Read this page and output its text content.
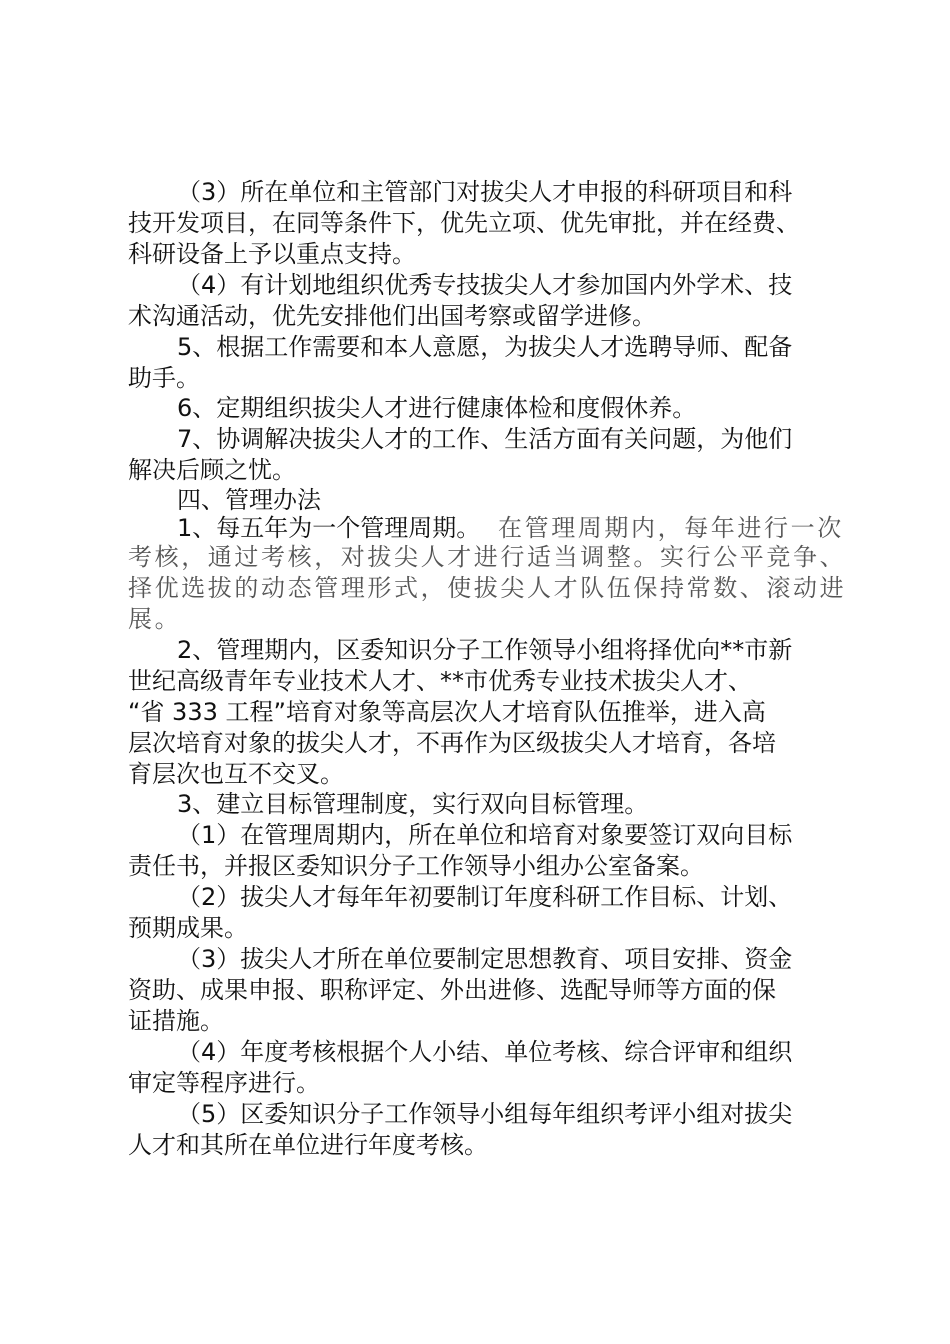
（3）所在单位和主管部门对拔尖人才申报的科研项目和科
技开发项目，在同等条件下，优先立项、优先审批，并在经费、
科研设备上予以重点支持。
（4）有计划地组织优秀专技拔尖人才参加国内外学术、技
术沟通活动，优先安排他们出国考察或留学进修。
5、根据工作需要和本人意愿，为拔尖人才选聘导师、配备
助手。
6、定期组织拔尖人才进行健康体检和度假休养。
7、协调解决拔尖人才的工作、生活方面有关问题，为他们
解决后顾之忧。
四、管理办法
1、每五年为一个管理周期。 在管理周期内，每年进行一次
考核，通过考核，对拔尖人才进行适当调整。实行公平竞争、
择优选拔的动态管理形式，使拔尖人才队伍保持常数、滚动进
展。
2、管理期内，区委知识分子工作领导小组将择优向**市新
世纪高级青年专业技术人才、**市优秀专业技术拔尖人才、
“省 333 工程”培育对象等高层次人才培育队伍推举，进入高
层次培育对象的拔尖人才，不再作为区级拔尖人才培育，各培
育层次也互不交叉。
3、建立目标管理制度，实行双向目标管理。
（1）在管理周期内，所在单位和培育对象要签订双向目标
责任书，并报区委知识分子工作领导小组办公室备案。
（2）拔尖人才每年年初要制订年度科研工作目标、计划、
预期成果。
（3）拔尖人才所在单位要制定思想教育、项目安排、资金
资助、成果申报、职称评定、外出进修、选配导师等方面的保
证措施。
（4）年度考核根据个人小结、单位考核、综合评审和组织
审定等程序进行。
（5）区委知识分子工作领导小组每年组织考评小组对拔尖
人才和其所在单位进行年度考核。
